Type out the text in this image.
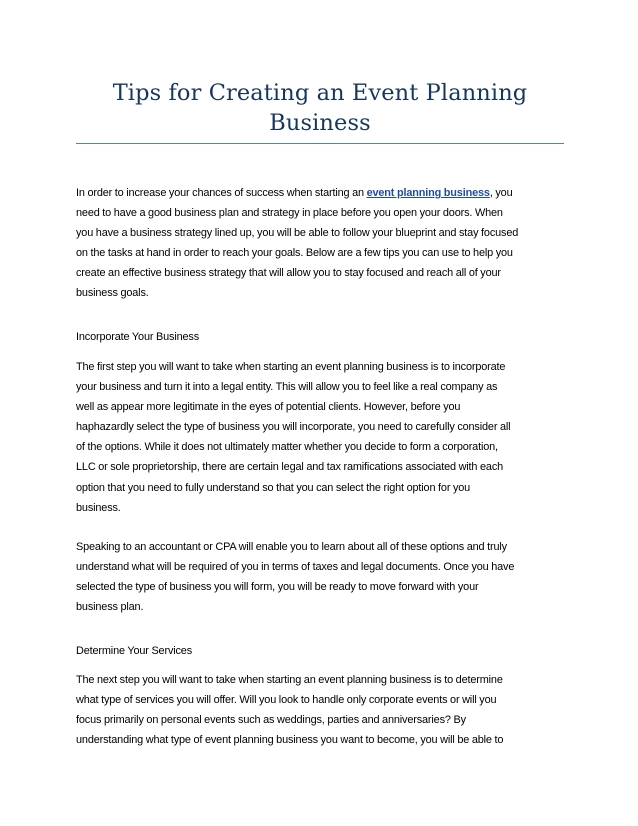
Tips for Creating an Event Planning
Business

In order to increase your chances of success when starting an event planning business, you
need to have a good business plan and strategy in place before you open your doors. When
you have a business strategy lined up, you will be able to follow your blueprint and stay focused
on the tasks at hand in order to reach your goals. Below are a few tips you can use to help you
create an effective business strategy that will allow you to stay focused and reach all of your
business goals.

Incorporate Your Business

The first step you will want to take when starting an event planning business is to incorporate
your business and turn it into a legal entity. This will allow you to feel like a real company as
well as appear more legitimate in the eyes of potential clients. However, before you
haphazardly select the type of business you will incorporate, you need to carefully consider all
of the options. While it does not ultimately matter whether you decide to form a corporation,
LLC or sole proprietorship, there are certain legal and tax ramifications associated with each
option that you need to fully understand so that you can select the right option for you
business.

Speaking to an accountant or CPA will enable you to learn about all of these options and truly
understand what will be required of you in terms of taxes and legal documents. Once you have
selected the type of business you will form, you will be ready to move forward with your
business plan.

Determine Your Services

The next step you will want to take when starting an event planning business is to determine
what type of services you will offer. Will you look to handle only corporate events or will you
focus primarily on personal events such as weddings, parties and anniversaries? By
understanding what type of event planning business you want to become, you will be able to
